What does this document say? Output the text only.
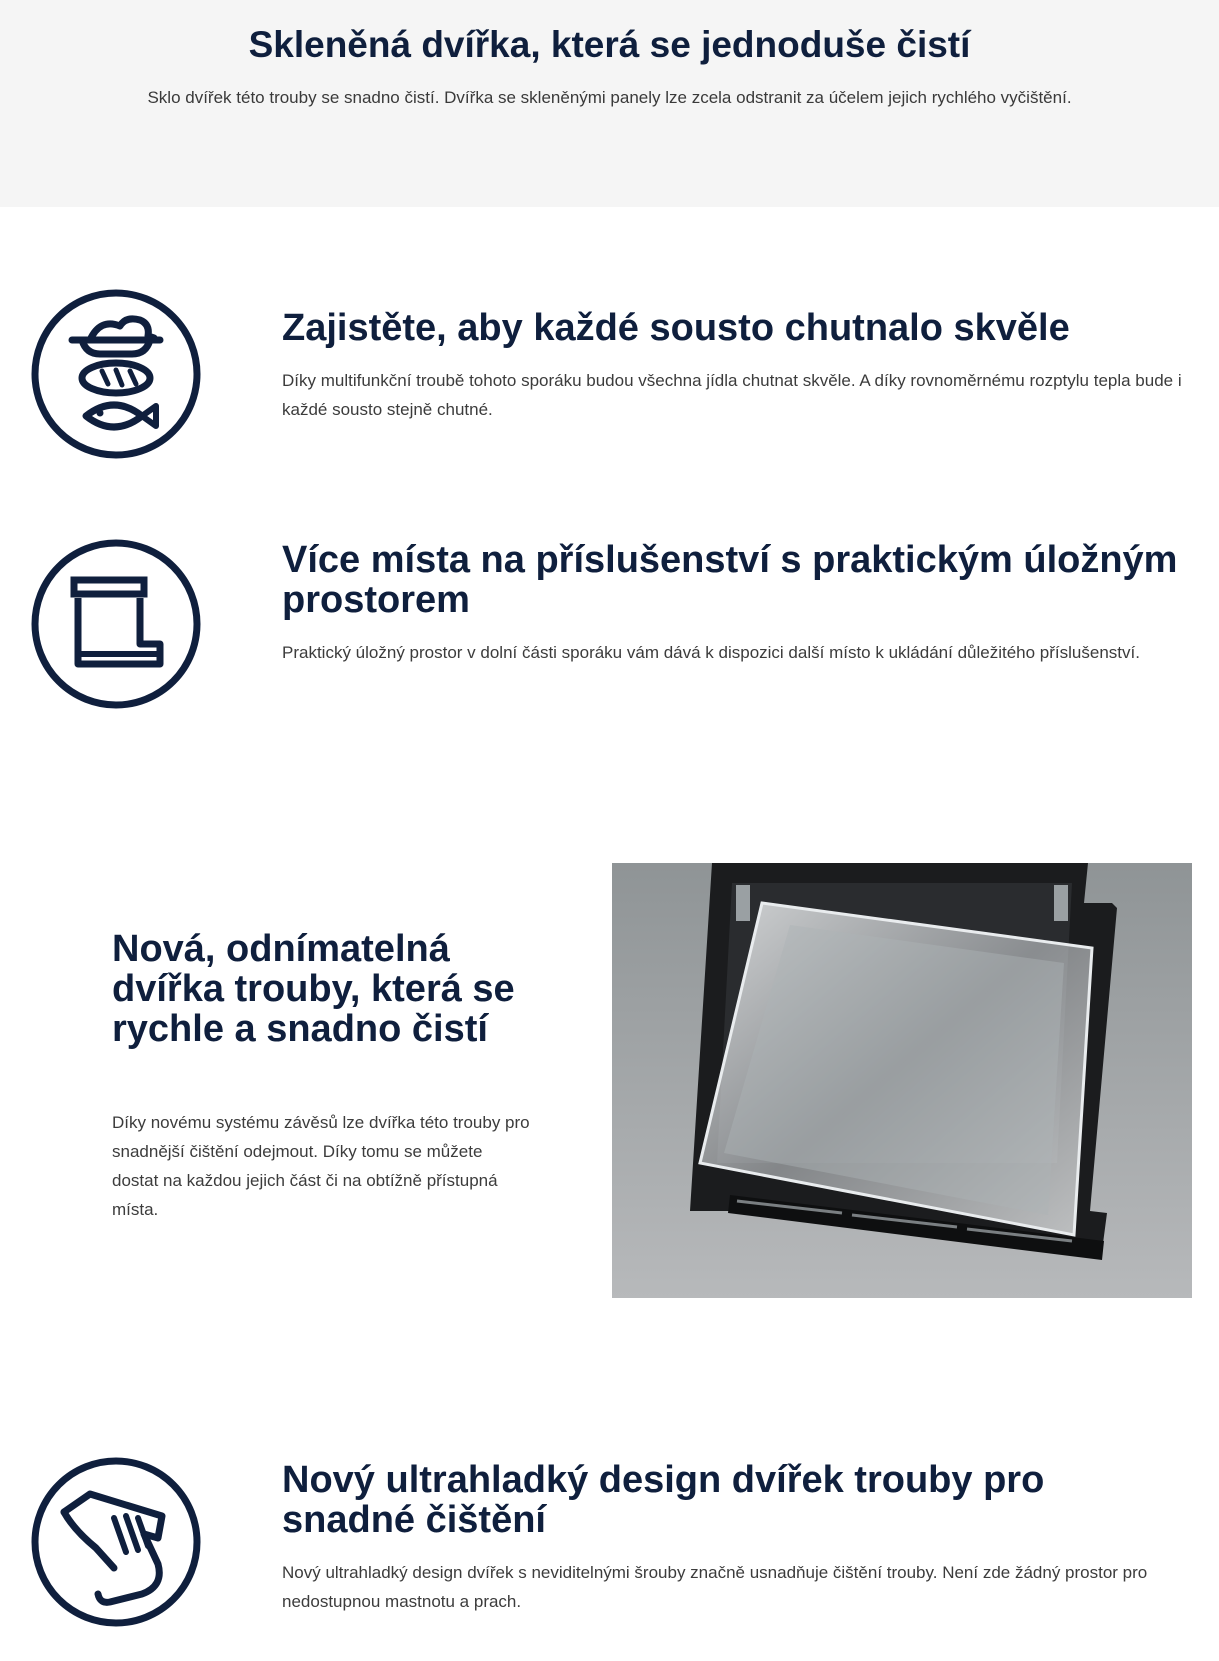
Skleněná dvířka, která se jednoduše čistí

Sklo dvířek této trouby se snadno čistí. Dvířka se skleněnými panely lze zcela odstranit za účelem jejich rychlého vyčištění.

Zajistěte, aby každé sousto chutnalo skvěle

Díky multifunkční troubě tohoto sporáku budou všechna jídla chutnat skvěle. A díky rovnoměrnému rozptylu tepla bude i každé sousto stejně chutné.

Více místa na příslušenství s praktickým úložným prostorem

Praktický úložný prostor v dolní části sporáku vám dává k dispozici další místo k ukládání důležitého příslušenství.

Nová, odnímatelná dvířka trouby, která se rychle a snadno čistí

Díky novému systému závěsů lze dvířka této trouby pro snadnější čištění odejmout. Díky tomu se můžete dostat na každou jejich část či na obtížně přístupná místa.

Nový ultrahladký design dvířek trouby pro snadné čištění

Nový ultrahladký design dvířek s neviditelnými šrouby značně usnadňuje čištění trouby. Není zde žádný prostor pro nedostupnou mastnotu a prach.
